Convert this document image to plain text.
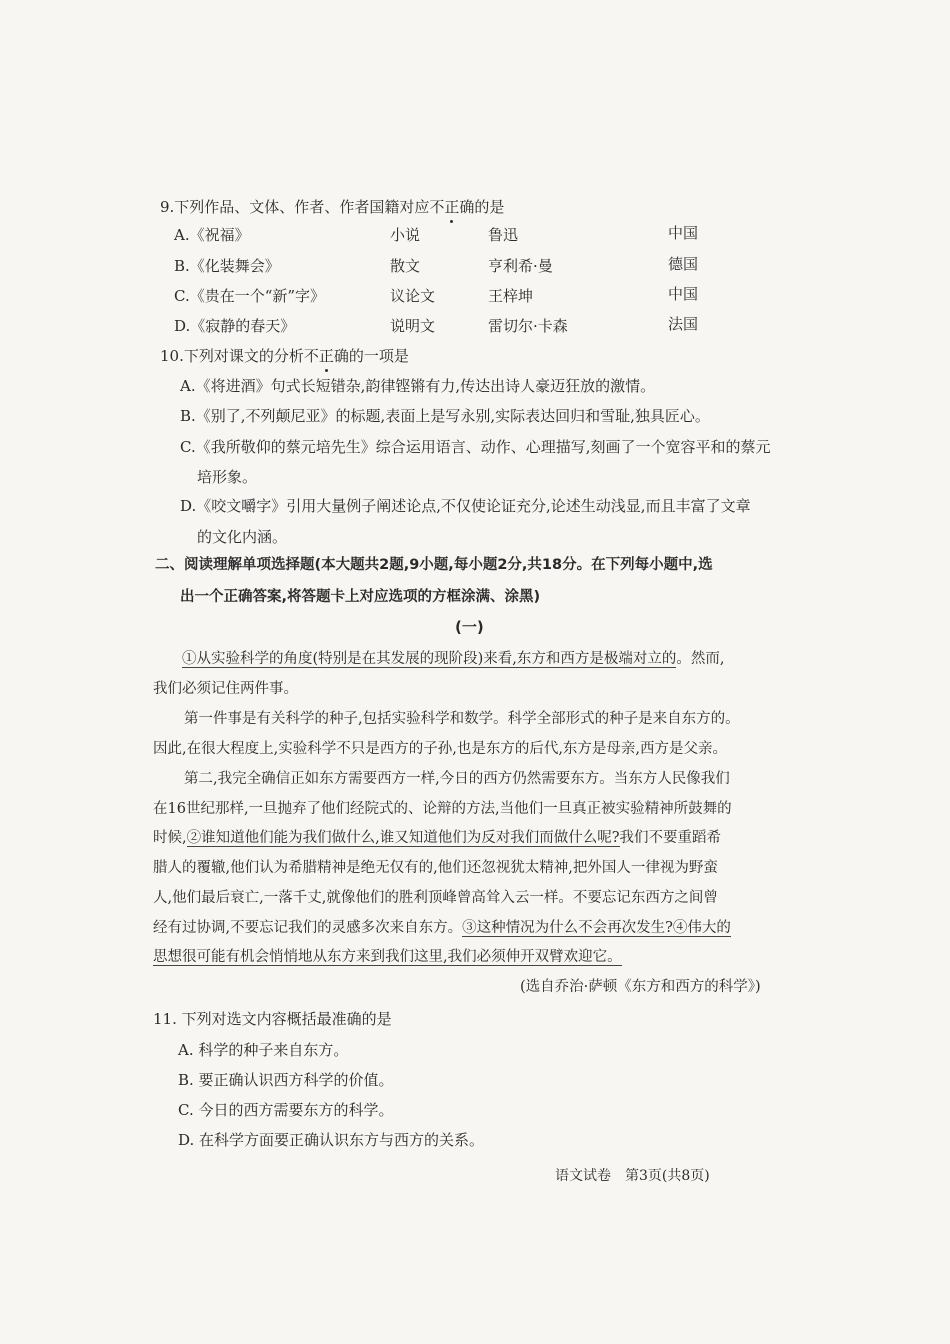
9.下列作品、文体、作者、作者国籍对应不正确的是
A.《祝福》	小说	鲁迅	中国
B.《化装舞会》	散文	亨利希·曼	德国
C.《贵在一个“新”字》	议论文	王梓坤	中国
D.《寂静的春天》	说明文	雷切尔·卡森	法国
10.下列对课文的分析不正确的一项是
A.《将进酒》句式长短错杂,韵律铿锵有力,传达出诗人豪迈狂放的激情。
B.《别了,不列颠尼亚》的标题,表面上是写永别,实际表达回归和雪耻,独具匠心。
C.《我所敬仰的蔡元培先生》综合运用语言、动作、心理描写,刻画了一个宽容平和的蔡元
培形象。
D.《咬文嚼字》引用大量例子阐述论点,不仅使论证充分,论述生动浅显,而且丰富了文章
的文化内涵。
二、阅读理解单项选择题(本大题共2题,9小题,每小题2分,共18分。在下列每小题中,选
出一个正确答案,将答题卡上对应选项的方框涂满、涂黑)
(一)
①从实验科学的角度(特别是在其发展的现阶段)来看,东方和西方是极端对立的。然而,
我们必须记住两件事。
第一件事是有关科学的种子,包括实验科学和数学。科学全部形式的种子是来自东方的。
因此,在很大程度上,实验科学不只是西方的子孙,也是东方的后代,东方是母亲,西方是父亲。
第二,我完全确信正如东方需要西方一样,今日的西方仍然需要东方。当东方人民像我们
在16世纪那样,一旦抛弃了他们经院式的、论辩的方法,当他们一旦真正被实验精神所鼓舞的
时候,②谁知道他们能为我们做什么,谁又知道他们为反对我们而做什么呢?我们不要重蹈希
腊人的覆辙,他们认为希腊精神是绝无仅有的,他们还忽视犹太精神,把外国人一律视为野蛮
人,他们最后衰亡,一落千丈,就像他们的胜利顶峰曾高耸入云一样。不要忘记东西方之间曾
经有过协调,不要忘记我们的灵感多次来自东方。③这种情况为什么不会再次发生?④伟大的
思想很可能有机会悄悄地从东方来到我们这里,我们必须伸开双臂欢迎它。
(选自乔治·萨顿《东方和西方的科学》)
11. 下列对选文内容概括最准确的是
A. 科学的种子来自东方。
B. 要正确认识西方科学的价值。
C. 今日的西方需要东方的科学。
D. 在科学方面要正确认识东方与西方的关系。
语文试卷　第3页(共8页)
